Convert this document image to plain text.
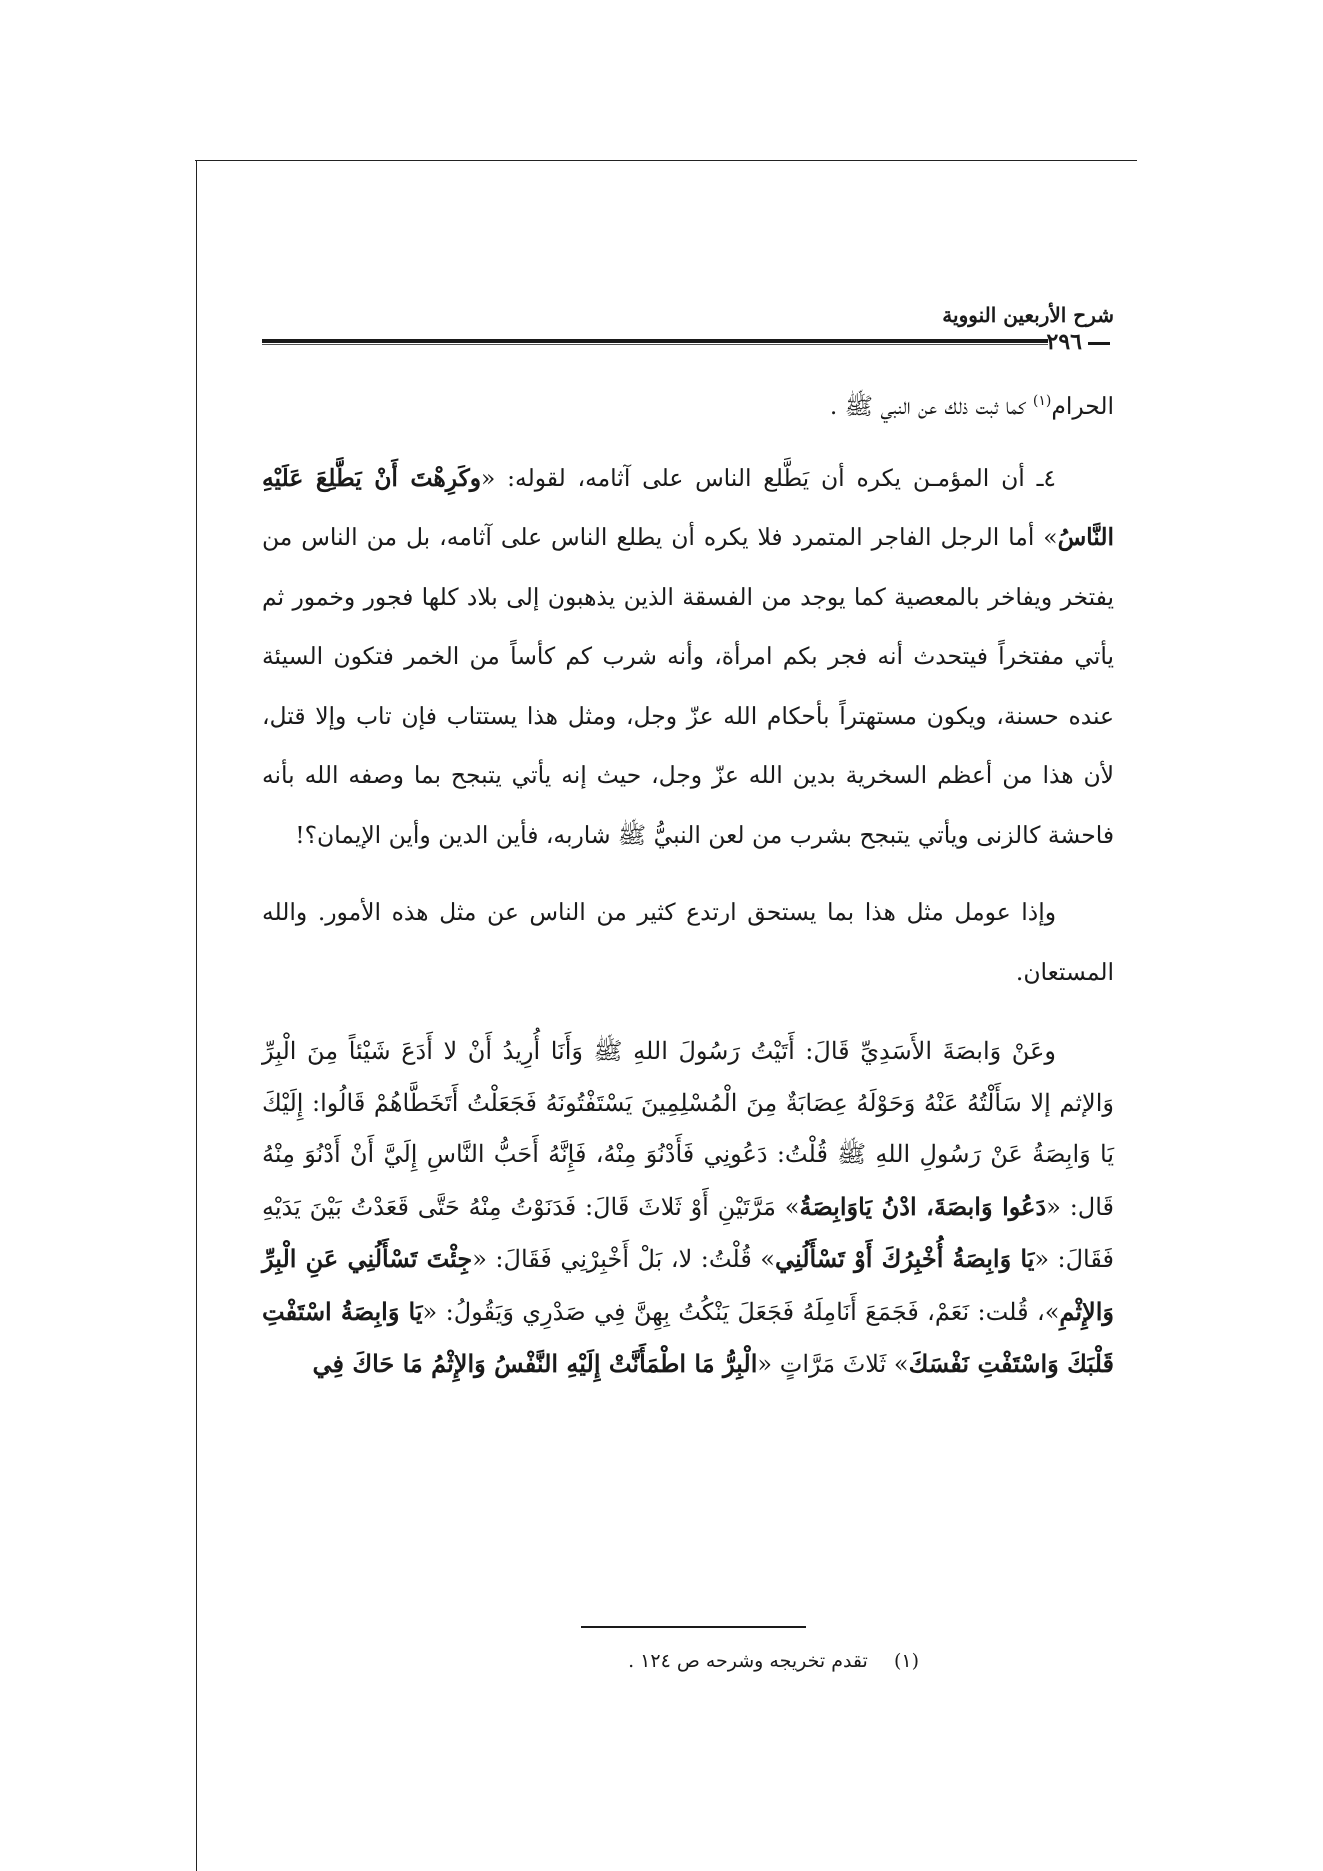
شرح الأربعين النووية
٢٩٦

الحرام$^{(١)}$ كما ثبت ذلك عن النبي ﷺ .

٤ـ أن المؤمـن يكره أن يَطَّلع الناس على آثامه، لقوله: «وكَرِهْتَ أَنْ يَطَّلِعَ عَلَيْهِ النَّاسُ» أما الرجل الفاجر المتمرد فلا يكره أن يطلع الناس على آثامه، بل من الناس من يفتخر ويفاخر بالمعصية كما يوجد من الفسقة الذين يذهبون إلى بلاد كلها فجور وخمور ثم يأتي مفتخراً فيتحدث أنه فجر بكم امرأة، وأنه شرب كم كأساً من الخمر فتكون السيئة عنده حسنة، ويكون مستهتراً بأحكام الله عزّ وجل، ومثل هذا يستتاب فإن تاب وإلا قتل، لأن هذا من أعظم السخرية بدين الله عزّ وجل، حيث إنه يأتي يتبجح بما وصفه الله بأنه فاحشة كالزنى ويأتي يتبجح بشرب من لعن النبيُّ ﷺ شاربه، فأين الدين وأين الإيمان؟!

وإذا عومل مثل هذا بما يستحق ارتدع كثير من الناس عن مثل هذه الأمور. والله المستعان.

وعَنْ وَابصَةَ الأَسَدِيِّ قَالَ: أَتَيْتُ رَسُولَ اللهِ ﷺ وَأَنَا أُرِيدُ أَنْ لا أَدَعَ شَيْئاً مِنَ الْبِرِّ وَالإثم إلا سَأَلْتُهُ عَنْهُ وَحَوْلَهُ عِصَابَةٌ مِنَ الْمُسْلِمِينَ يَسْتَفْتُونَهُ فَجَعَلْتُ أَتَخَطَّاهُمْ قَالُوا: إِلَيْكَ يَا وَابِصَةُ عَنْ رَسُولِ اللهِ ﷺ قُلْتُ: دَعُونِي فَأَدْنُوَ مِنْهُ، فَإِنَّهُ أَحَبُّ النَّاسِ إِلَيَّ أَنْ أَدْنُوَ مِنْهُ قَال: «دَعُوا وَابصَةَ، ادْنُ يَاوَابِصَةُ» مَرَّتَيْنِ أَوْ ثَلاثَ قَالَ: فَدَنَوْتُ مِنْهُ حَتَّى قَعَدْتُ بَيْنَ يَدَيْهِ فَقَالَ: «يَا وَابِصَةُ أُخْبِرُكَ أَوْ تَسْأَلُنِي» قُلْتُ: لا، بَلْ أَخْبِرْنِي فَقَالَ: «جِئْتَ تَسْأَلُنِي عَنِ الْبِرِّ وَالإِثْمِ»، قُلت: نَعَمْ، فَجَمَعَ أَنَامِلَهُ فَجَعَلَ يَنْكُتُ بِهِنَّ فِي صَدْرِي وَيَقُولُ: «يَا وَابِصَةُ اسْتَفْتِ قَلْبَكَ وَاسْتَفْتِ نَفْسَكَ» ثَلاثَ مَرَّاتٍ «الْبِرُّ مَا اطْمَأَنَّتْ إِلَيْهِ النَّفْسُ وَالإِثْمُ مَا حَاكَ فِي

(١)  تقدم تخريجه وشرحه ص ١٢٤ .
